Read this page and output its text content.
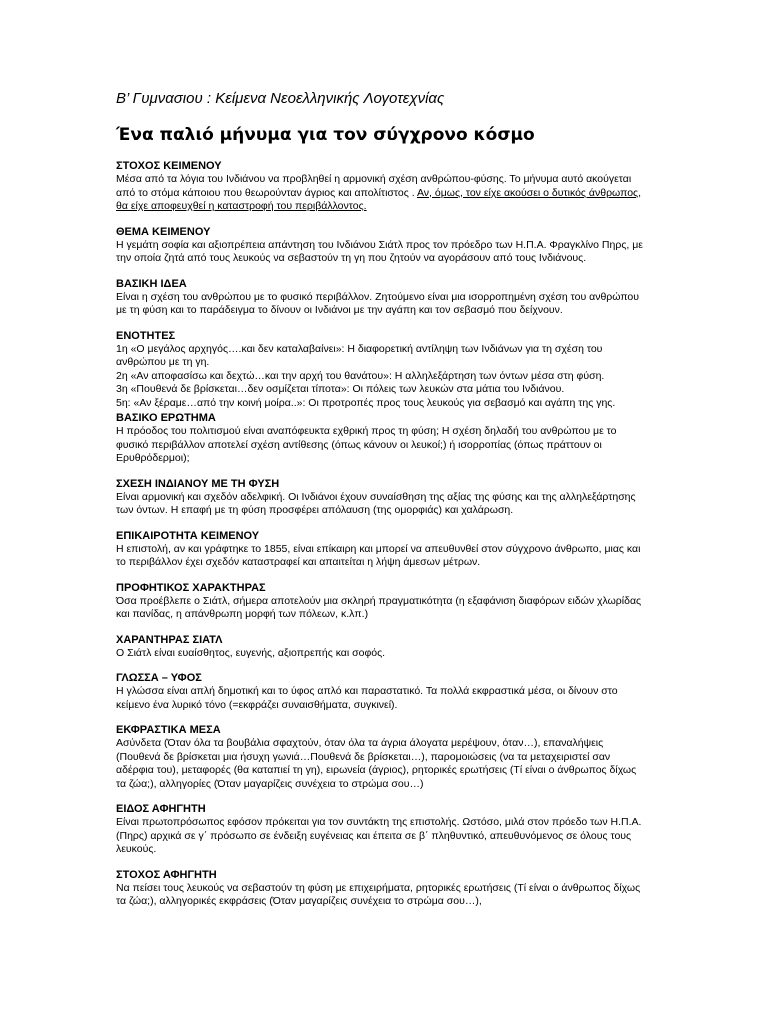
Β’ Γυμνασιου : Κείμενα Νεοελληνικής Λογοτεχνίας

Ένα παλιό μήνυμα για τον σύγχρονο κόσμο

ΣΤΟΧΟΣ ΚΕΙΜΕΝΟΥ

Μέσα από τα λόγια του Ινδιάνου να προβληθεί η αρμονική σχέση ανθρώπου-φύσης. Το μήνυμα αυτό ακούγεται από το στόμα κάποιου που θεωρούνταν άγριος και απολίτιστος . Αν, όμως, τον είχε ακούσει ο δυτικός άνθρωπος, θα είχε αποφευχθεί η καταστροφή του περιβάλλοντος.

ΘΕΜΑ ΚΕΙΜΕΝΟΥ

Η γεμάτη σοφία και αξιοπρέπεια απάντηση του Ινδιάνου Σιάτλ προς τον πρόεδρο των Η.Π.Α. Φραγκλίνο Πηρς, με την οποία ζητά από τους λευκούς να σεβαστούν τη γη που ζητούν να αγοράσουν από τους Ινδιάνους.

ΒΑΣΙΚΗ ΙΔΕΑ

Είναι η σχέση του ανθρώπου με το φυσικό περιβάλλον. Ζητούμενο είναι μια ισορροπημένη σχέση του ανθρώπου με τη φύση και το παράδειγμα το δίνουν οι Ινδιάνοι με την αγάπη και τον σεβασμό που δείχνουν.

ΕΝΟΤΗΤΕΣ

1η «Ο μεγάλος αρχηγός….και δεν καταλαβαίνει»: Η διαφορετική αντίληψη των Ινδιάνων για τη σχέση του ανθρώπου με τη γη.

2η «Αν αποφασίσω και δεχτώ…και την αρχή του θανάτου»: Η αλληλεξάρτηση των όντων μέσα στη φύση.

3η «Πουθενά δε βρίσκεται…δεν οσμίζεται τίποτα»: Οι πόλεις των λευκών στα μάτια του Ινδιάνου.

5η: «Αν ξέραμε…από την κοινή μοίρα..»: Οι προτροπές προς τους λευκούς για σεβασμό και αγάπη της γης.

ΒΑΣΙΚΟ ΕΡΩΤΗΜΑ

Η πρόοδος του πολιτισμού είναι αναπόφευκτα εχθρική προς τη φύση; Η σχέση δηλαδή του ανθρώπου με το φυσικό περιβάλλον αποτελεί σχέση αντίθεσης (όπως κάνουν οι λευκοί;) ή ισορροπίας (όπως πράττουν οι Ερυθρόδερμοι);

ΣΧΕΣΗ ΙΝΔΙΑΝΟΥ ΜΕ ΤΗ ΦΥΣΗ

Είναι αρμονική και σχεδόν αδελφική. Οι Ινδιάνοι έχουν συναίσθηση της αξίας της φύσης και της αλληλεξάρτησης των όντων. Η επαφή με τη φύση προσφέρει απόλαυση (της ομορφιάς) και χαλάρωση.

ΕΠΙΚΑΙΡΟΤΗΤΑ ΚΕΙΜΕΝΟΥ

Η επιστολή, αν και γράφτηκε το 1855, είναι επίκαιρη και μπορεί να απευθυνθεί στον σύγχρονο άνθρωπο, μιας και το περιβάλλον έχει σχεδόν καταστραφεί και απαιτείται η λήψη άμεσων μέτρων.

ΠΡΟΦΗΤΙΚΟΣ ΧΑΡΑΚΤΗΡΑΣ

Όσα προέβλεπε ο Σιάτλ, σήμερα αποτελούν μια σκληρή πραγματικότητα (η εξαφάνιση διαφόρων ειδών χλωρίδας και πανίδας, η απάνθρωπη μορφή των πόλεων, κ.λπ.)

ΧΑΡΑΝΤΗΡΑΣ ΣΙΑΤΛ

Ο Σιάτλ είναι ευαίσθητος, ευγενής, αξιοπρεπής και σοφός.

ΓΛΩΣΣΑ – ΥΦΟΣ

Η γλώσσα είναι απλή δημοτική και το ύφος απλό και παραστατικό. Τα πολλά εκφραστικά μέσα, οι δίνουν στο κείμενο ένα λυρικό τόνο (=εκφράζει συναισθήματα, συγκινεί).

ΕΚΦΡΑΣΤΙΚΑ ΜΕΣΑ

Ασύνδετα (Όταν όλα τα βουβάλια σφαχτούν, όταν όλα τα άγρια άλογατα μερέψουν, όταν…), επαναλήψεις (Πουθενά δε βρίσκεται μια ήσυχη γωνιά…Πουθενά δε βρίσκεται…), παρομοιώσεις (να τα μεταχειριστεί σαν αδέρφια του), μεταφορές (θα καταπιεί τη γη), ειρωνεία (άγριος), ρητορικές ερωτήσεις (Τί είναι ο άνθρωπος δίχως τα ζώα;), αλληγορίες (Όταν μαγαρίζεις συνέχεια το στρώμα σου…)

ΕΙΔΟΣ ΑΦΗΓΗΤΗ

Είναι πρωτοπρόσωπος εφόσον πρόκειται για τον συντάκτη της επιστολής. Ωστόσο, μιλά στον πρόεδο των Η.Π.Α. (Πηρς) αρχικά σε γ΄ πρόσωπο σε ένδειξη ευγένειας και έπειτα σε β΄ πληθυντικό, απευθυνόμενος σε όλους τους λευκούς.

ΣΤΟΧΟΣ ΑΦΗΓΗΤΗ

Να πείσει τους λευκούς να σεβαστούν τη φύση με επιχειρήματα, ρητορικές ερωτήσεις (Τί είναι ο άνθρωπος δίχως τα ζώα;), αλληγορικές εκφράσεις (Όταν μαγαρίζεις συνέχεια το στρώμα σου…),
